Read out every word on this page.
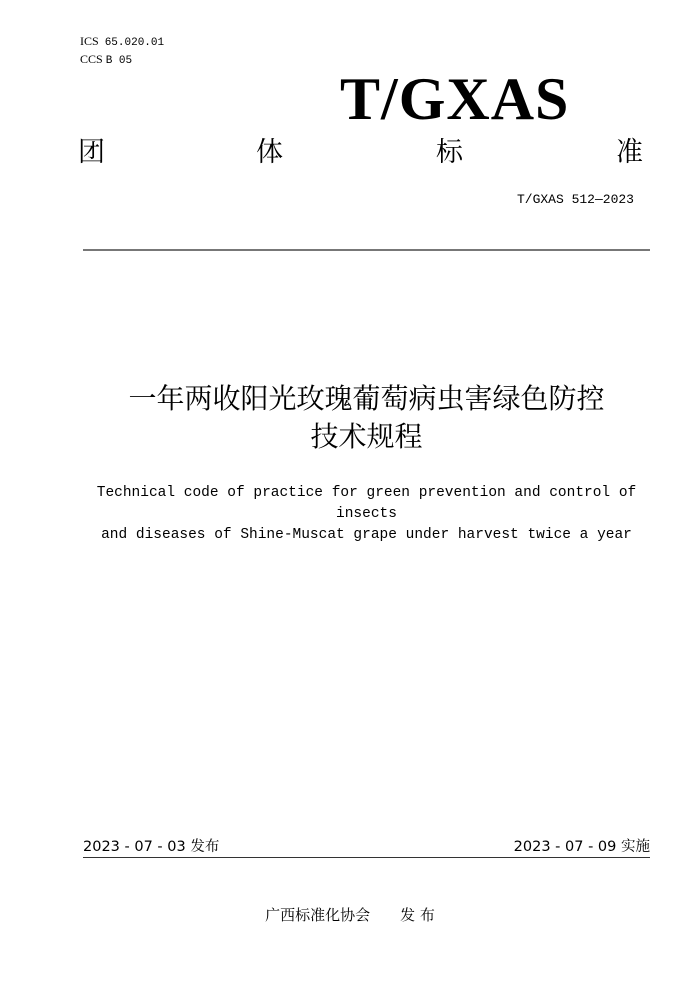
ICS 65.020.01
CCS B 05
T/GXAS
团	体	标	准
T/GXAS 512—2023
一年两收阳光玫瑰葡萄病虫害绿色防控
技术规程
Technical code of practice for green prevention and control of insects
and diseases of Shine-Muscat grape under harvest twice a year
2023 - 07 - 03 发布	2023 - 07 - 09 实施
广西标准化协会 发 布
